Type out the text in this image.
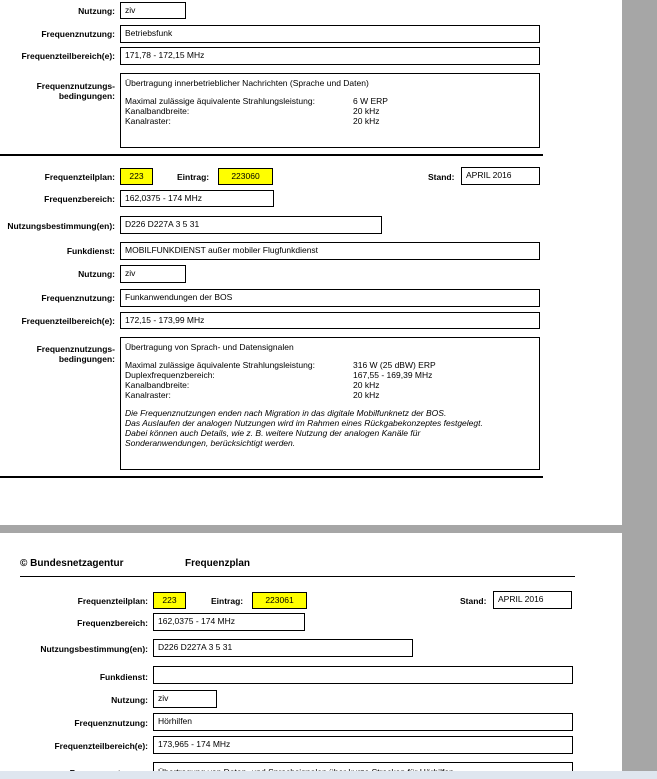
Nutzung:	ziv
Frequenznutzung:	Betriebsfunk
Frequenzteilbereich(e):	171,78 - 172,15 MHz
Frequenznutzungs-
bedingungen:
Übertragung innerbetrieblicher Nachrichten (Sprache und Daten)
Maximal zulässige äquivalente Strahlungsleistung:	6 W ERP
Kanalbandbreite:	20 kHz
Kanalraster:	20 kHz
Frequenzteilplan:	223	Eintrag:	223060	Stand:	APRIL 2016
Frequenzbereich:	162,0375 - 174 MHz
Nutzungsbestimmung(en):	D226 D227A 3 5 31
Funkdienst:	MOBILFUNKDIENST außer mobiler Flugfunkdienst
Nutzung:	ziv
Frequenznutzung:	Funkanwendungen der BOS
Frequenzteilbereich(e):	172,15 - 173,99 MHz
Frequenznutzungs-
bedingungen:
Übertragung von Sprach- und Datensignalen
Maximal zulässige äquivalente Strahlungsleistung:	316 W (25 dBW) ERP
Duplexfrequenzbereich:	167,55 - 169,39 MHz
Kanalbandbreite:	20 kHz
Kanalraster:	20 kHz
Die Frequenznutzungen enden nach Migration in das digitale Mobilfunknetz der BOS.
Das Auslaufen der analogen Nutzungen wird im Rahmen eines Rückgabekonzeptes festgelegt.
Dabei können auch Details, wie z. B. weitere Nutzung der analogen Kanäle für
Sonderanwendungen, berücksichtigt werden.
© Bundesnetzagentur	Frequenzplan
Frequenzteilplan:	223	Eintrag:	223061	Stand:	APRIL 2016
Frequenzbereich:	162,0375 - 174 MHz
Nutzungsbestimmung(en):	D226 D227A 3 5 31
Funkdienst:
Nutzung:	ziv
Frequenznutzung:	Hörhilfen
Frequenzteilbereich(e):	173,965 - 174 MHz
